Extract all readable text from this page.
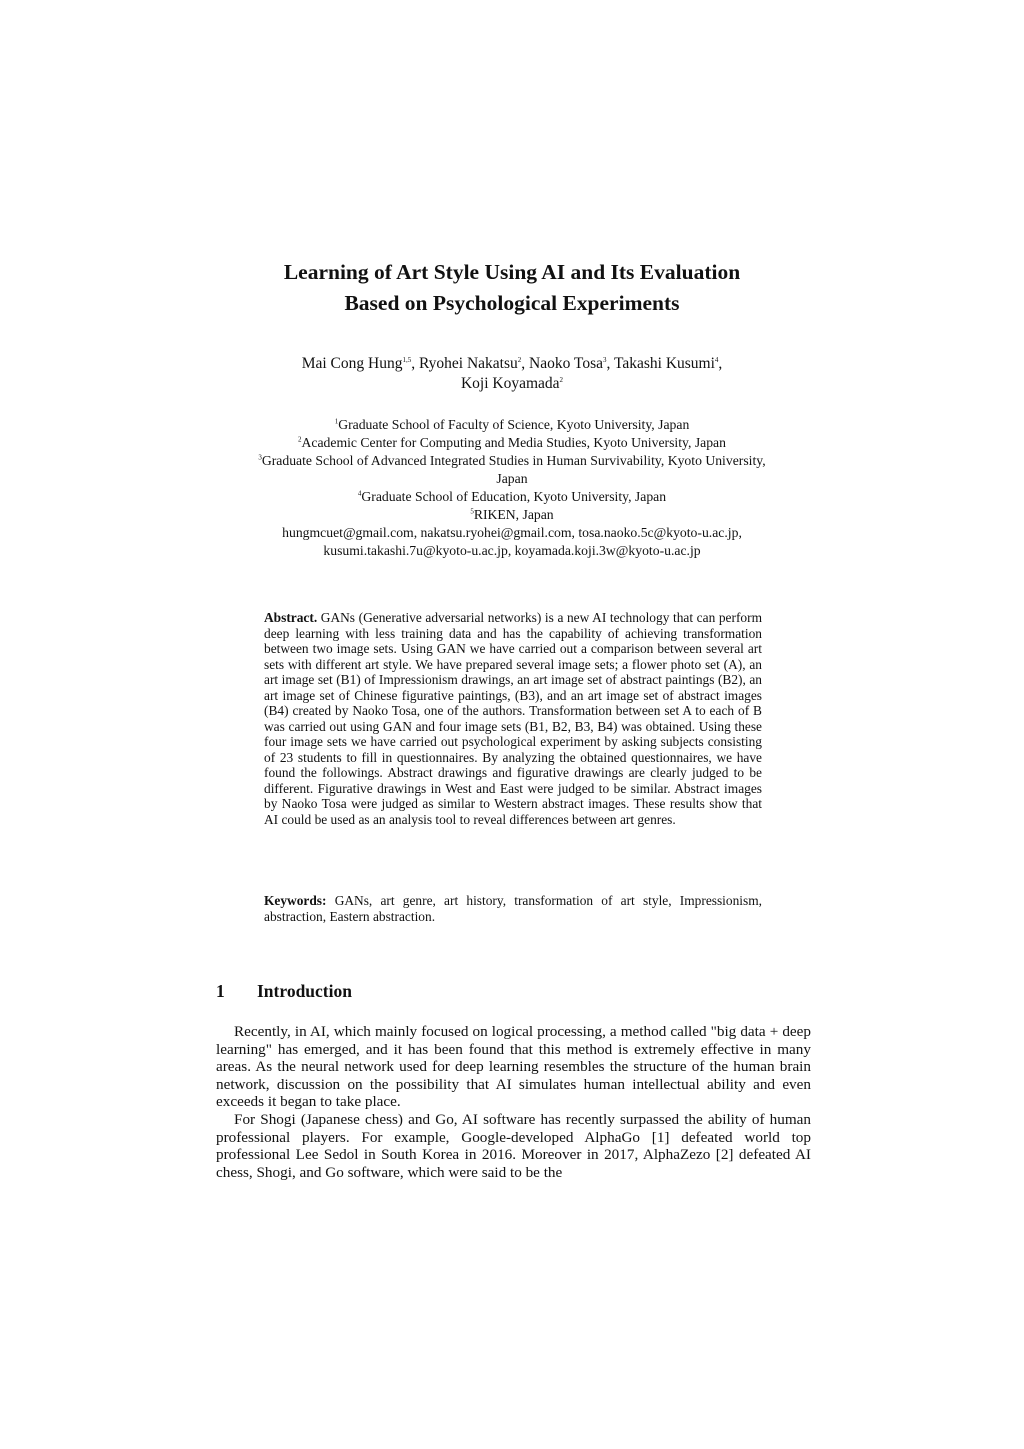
Learning of Art Style Using AI and Its Evaluation
Based on Psychological Experiments
Mai Cong Hung$^{1,5}$, Ryohei Nakatsu$^2$, Naoko Tosa$^3$, Takashi Kusumi$^4$,
Koji Koyamada$^2$
$^1$Graduate School of Faculty of Science, Kyoto University, Japan
$^2$Academic Center for Computing and Media Studies, Kyoto University, Japan
$^3$Graduate School of Advanced Integrated Studies in Human Survivability, Kyoto University,
Japan
$^4$Graduate School of Education, Kyoto University, Japan
$^5$RIKEN, Japan
hungmcuet@gmail.com, nakatsu.ryohei@gmail.com, tosa.naoko.5c@kyoto-u.ac.jp,
kusumi.takashi.7u@kyoto-u.ac.jp, koyamada.koji.3w@kyoto-u.ac.jp
Abstract. GANs (Generative adversarial networks) is a new AI technology that can perform deep learning with less training data and has the capability of achieving transformation between two image sets. Using GAN we have carried out a comparison between several art sets with different art style. We have prepared several image sets; a flower photo set (A), an art image set (B1) of Impressionism drawings, an art image set of abstract paintings (B2), an art image set of Chinese figurative paintings, (B3), and an art image set of abstract images (B4) created by Naoko Tosa, one of the authors. Transformation between set A to each of B was carried out using GAN and four image sets (B1, B2, B3, B4) was obtained. Using these four image sets we have carried out psychological experiment by asking subjects consisting of 23 students to fill in questionnaires. By analyzing the obtained questionnaires, we have found the followings. Abstract drawings and figurative drawings are clearly judged to be different. Figurative drawings in West and East were judged to be similar. Abstract images by Naoko Tosa were judged as similar to Western abstract images. These results show that AI could be used as an analysis tool to reveal differences between art genres.
Keywords: GANs, art genre, art history, transformation of art style, Impressionism, abstraction, Eastern abstraction.
1 Introduction

Recently, in AI, which mainly focused on logical processing, a method called "big data + deep learning" has emerged, and it has been found that this method is extremely effective in many areas. As the neural network used for deep learning resembles the structure of the human brain network, discussion on the possibility that AI simulates human intellectual ability and even exceeds it began to take place.

For Shogi (Japanese chess) and Go, AI software has recently surpassed the ability of human professional players. For example, Google-developed AlphaGo [1] defeated world top professional Lee Sedol in South Korea in 2016. Moreover in 2017, AlphaZezo [2] defeated AI chess, Shogi, and Go software, which were said to be the
